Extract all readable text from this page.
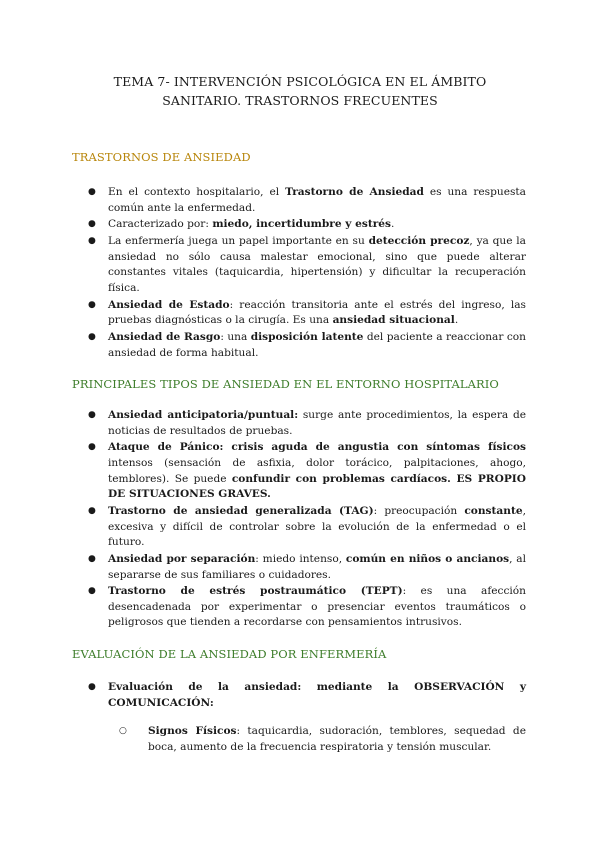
TEMA 7- INTERVENCIÓN PSICOLÓGICA EN EL ÁMBITO
SANITARIO. TRASTORNOS FRECUENTES
TRASTORNOS DE ANSIEDAD
● En el contexto hospitalario, el Trastorno de Ansiedad es una respuesta común ante la enfermedad.
● Caracterizado por: miedo, incertidumbre y estrés.
● La enfermería juega un papel importante en su detección precoz, ya que la ansiedad no sólo causa malestar emocional, sino que puede alterar constantes vitales (taquicardia, hipertensión) y dificultar la recuperación física.
● Ansiedad de Estado: reacción transitoria ante el estrés del ingreso, las pruebas diagnósticas o la cirugía. Es una ansiedad situacional.
● Ansiedad de Rasgo: una disposición latente del paciente a reaccionar con ansiedad de forma habitual.
PRINCIPALES TIPOS DE ANSIEDAD EN EL ENTORNO HOSPITALARIO
● Ansiedad anticipatoria/puntual: surge ante procedimientos, la espera de noticias de resultados de pruebas.
● Ataque de Pánico: crisis aguda de angustia con síntomas físicos intensos (sensación de asfixia, dolor torácico, palpitaciones, ahogo, temblores). Se puede confundir con problemas cardíacos. ES PROPIO DE SITUACIONES GRAVES.
● Trastorno de ansiedad generalizada (TAG): preocupación constante, excesiva y difícil de controlar sobre la evolución de la enfermedad o el futuro.
● Ansiedad por separación: miedo intenso, común en niños o ancianos, al separarse de sus familiares o cuidadores.
● Trastorno de estrés postraumático (TEPT): es una afección desencadenada por experimentar o presenciar eventos traumáticos o peligrosos que tienden a recordarse con pensamientos intrusivos.
EVALUACIÓN DE LA ANSIEDAD POR ENFERMERÍA
● Evaluación de la ansiedad: mediante la OBSERVACIÓN y COMUNICACIÓN:
○ Signos Físicos: taquicardia, sudoración, temblores, sequedad de boca, aumento de la frecuencia respiratoria y tensión muscular.
